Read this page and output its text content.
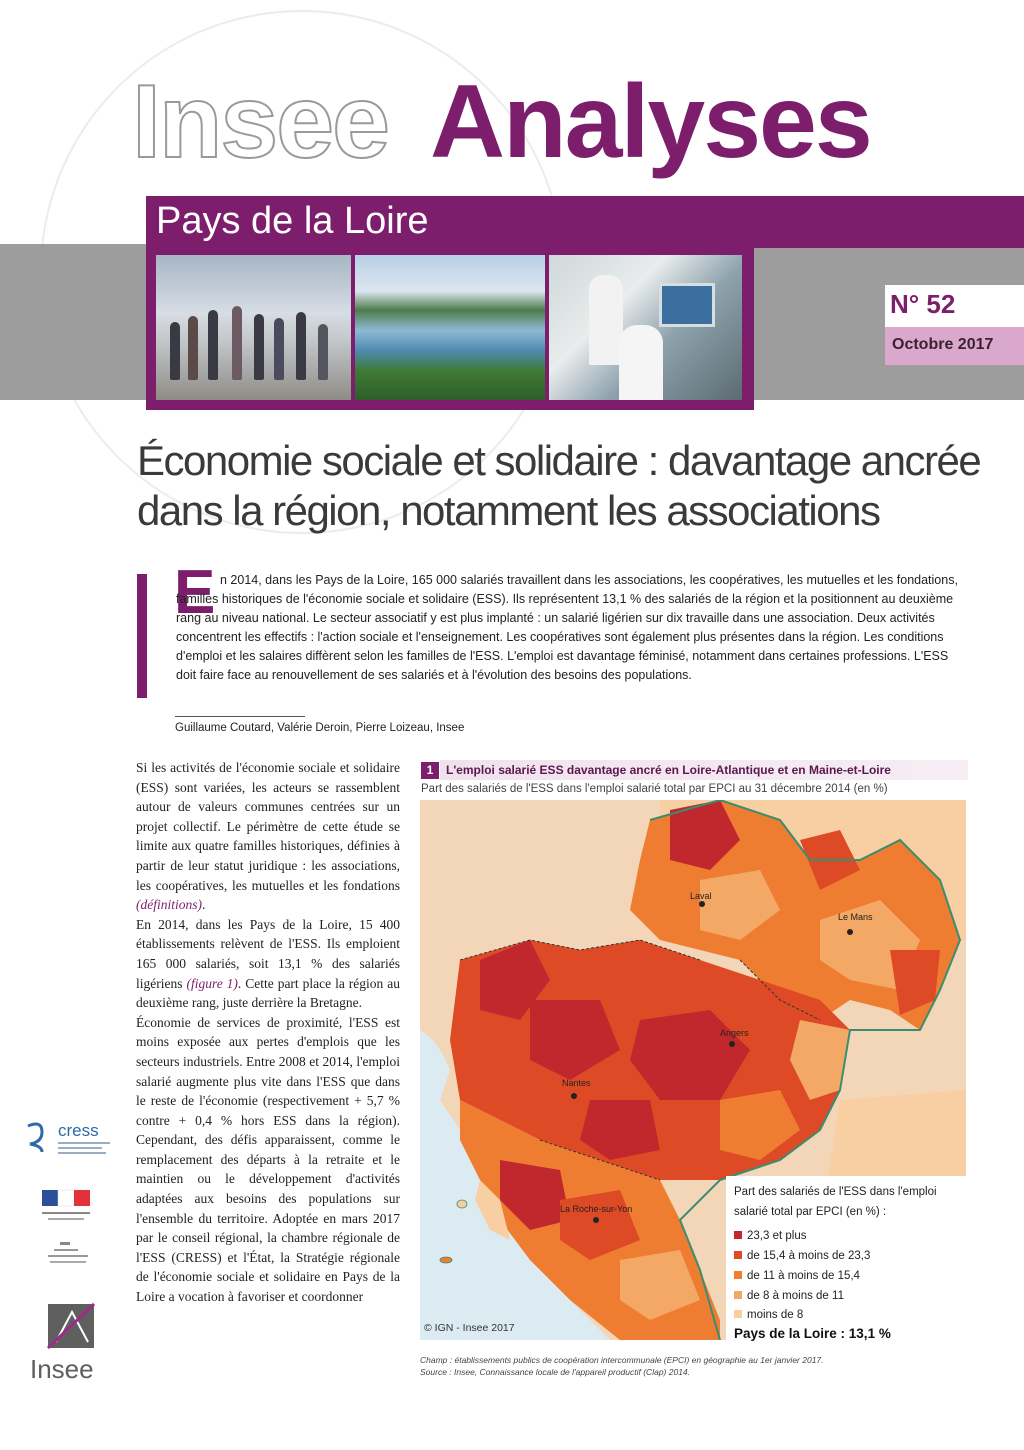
Insee Analyses
Pays de la Loire
N° 52
Octobre 2017
Économie sociale et solidaire : davantage ancrée dans la région, notamment les associations
E n 2014, dans les Pays de la Loire, 165 000 salariés travaillent dans les associations, les coopératives, les mutuelles et les fondations, familles historiques de l'économie sociale et solidaire (ESS). Ils représentent 13,1 % des salariés de la région et la positionnent au deuxième rang au niveau national. Le secteur associatif y est plus implanté : un salarié ligérien sur dix travaille dans une association. Deux activités concentrent les effectifs : l'action sociale et l'enseignement. Les coopératives sont également plus présentes dans la région. Les conditions d'emploi et les salaires diffèrent selon les familles de l'ESS. L'emploi est davantage féminisé, notamment dans certaines professions. L'ESS doit faire face au renouvellement de ses salariés et à l'évolution des besoins des populations.
Guillaume Coutard, Valérie Deroin, Pierre Loizeau, Insee

Si les activités de l'économie sociale et solidaire (ESS) sont variées, les acteurs se rassemblent autour de valeurs communes centrées sur un projet collectif. Le périmètre de cette étude se limite aux quatre familles historiques, définies à partir de leur statut juridique : les associations, les coopératives, les mutuelles et les fondations (définitions).

En 2014, dans les Pays de la Loire, 15 400 établissements relèvent de l'ESS. Ils emploient 165 000 salariés, soit 13,1 % des salariés ligériens (figure 1). Cette part place la région au deuxième rang, juste derrière la Bretagne.

Économie de services de proximité, l'ESS est moins exposée aux pertes d'emplois que les secteurs industriels. Entre 2008 et 2014, l'emploi salarié augmente plus vite dans l'ESS que dans le reste de l'économie (respectivement + 5,7 % contre + 0,4 % hors ESS dans la région). Cependant, des défis apparaissent, comme le remplacement des départs à la retraite et le maintien ou le développement d'activités adaptées aux besoins des populations sur l'ensemble du territoire. Adoptée en mars 2017 par le conseil régional, la chambre régionale de l'ESS (CRESS) et l'État, la Stratégie régionale de l'économie sociale et solidaire en Pays de la Loire a vocation à favoriser et coordonner

cress
Insee
1	L'emploi salarié ESS davantage ancré en Loire-Atlantique et en Maine-et-Loire
Part des salariés de l'ESS dans l'emploi salarié total par EPCI au 31 décembre 2014 (en %)
Laval
Le Mans
Angers
Nantes
La Roche-sur-Yon
© IGN - Insee 2017
Part des salariés de l'ESS dans l'emploi salarié total par EPCI (en %) :
23,3 et plus
de 15,4 à moins de 23,3
de 11 à moins de 15,4
de 8 à moins de 11
moins de 8
Pays de la Loire : 13,1 %
Champ : établissements publics de coopération intercommunale (EPCI) en géographie au 1er janvier 2017.
Source : Insee, Connaissance locale de l'appareil productif (Clap) 2014.
